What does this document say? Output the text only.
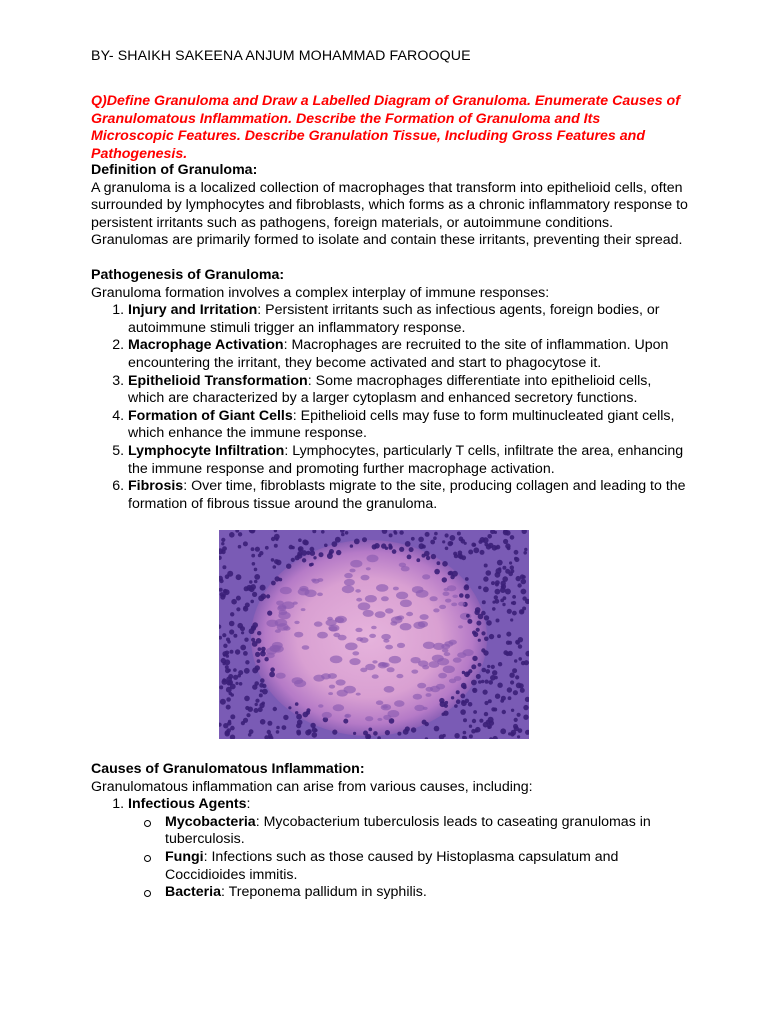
BY- SHAIKH SAKEENA ANJUM MOHAMMAD FAROOQUE
Q)Define Granuloma and Draw a Labelled Diagram of Granuloma. Enumerate Causes of Granulomatous Inflammation. Describe the Formation of Granuloma and Its Microscopic Features. Describe Granulation Tissue, Including Gross Features and Pathogenesis.

Definition of Granuloma:

A granuloma is a localized collection of macrophages that transform into epithelioid cells, often surrounded by lymphocytes and fibroblasts, which forms as a chronic inflammatory response to persistent irritants such as pathogens, foreign materials, or autoimmune conditions. Granulomas are primarily formed to isolate and contain these irritants, preventing their spread.

Pathogenesis of Granuloma:

Granuloma formation involves a complex interplay of immune responses:

1. Injury and Irritation: Persistent irritants such as infectious agents, foreign bodies, or autoimmune stimuli trigger an inflammatory response.
2. Macrophage Activation: Macrophages are recruited to the site of inflammation. Upon encountering the irritant, they become activated and start to phagocytose it.
3. Epithelioid Transformation: Some macrophages differentiate into epithelioid cells, which are characterized by a larger cytoplasm and enhanced secretory functions.
4. Formation of Giant Cells: Epithelioid cells may fuse to form multinucleated giant cells, which enhance the immune response.
5. Lymphocyte Infiltration: Lymphocytes, particularly T cells, infiltrate the area, enhancing the immune response and promoting further macrophage activation.
6. Fibrosis: Over time, fibroblasts migrate to the site, producing collagen and leading to the formation of fibrous tissue around the granuloma.

Causes of Granulomatous Inflammation:

Granulomatous inflammation can arise from various causes, including:

1. Infectious Agents:
Mycobacteria: Mycobacterium tuberculosis leads to caseating granulomas in tuberculosis.
Fungi: Infections such as those caused by Histoplasma capsulatum and Coccidioides immitis.
Bacteria: Treponema pallidum in syphilis.
